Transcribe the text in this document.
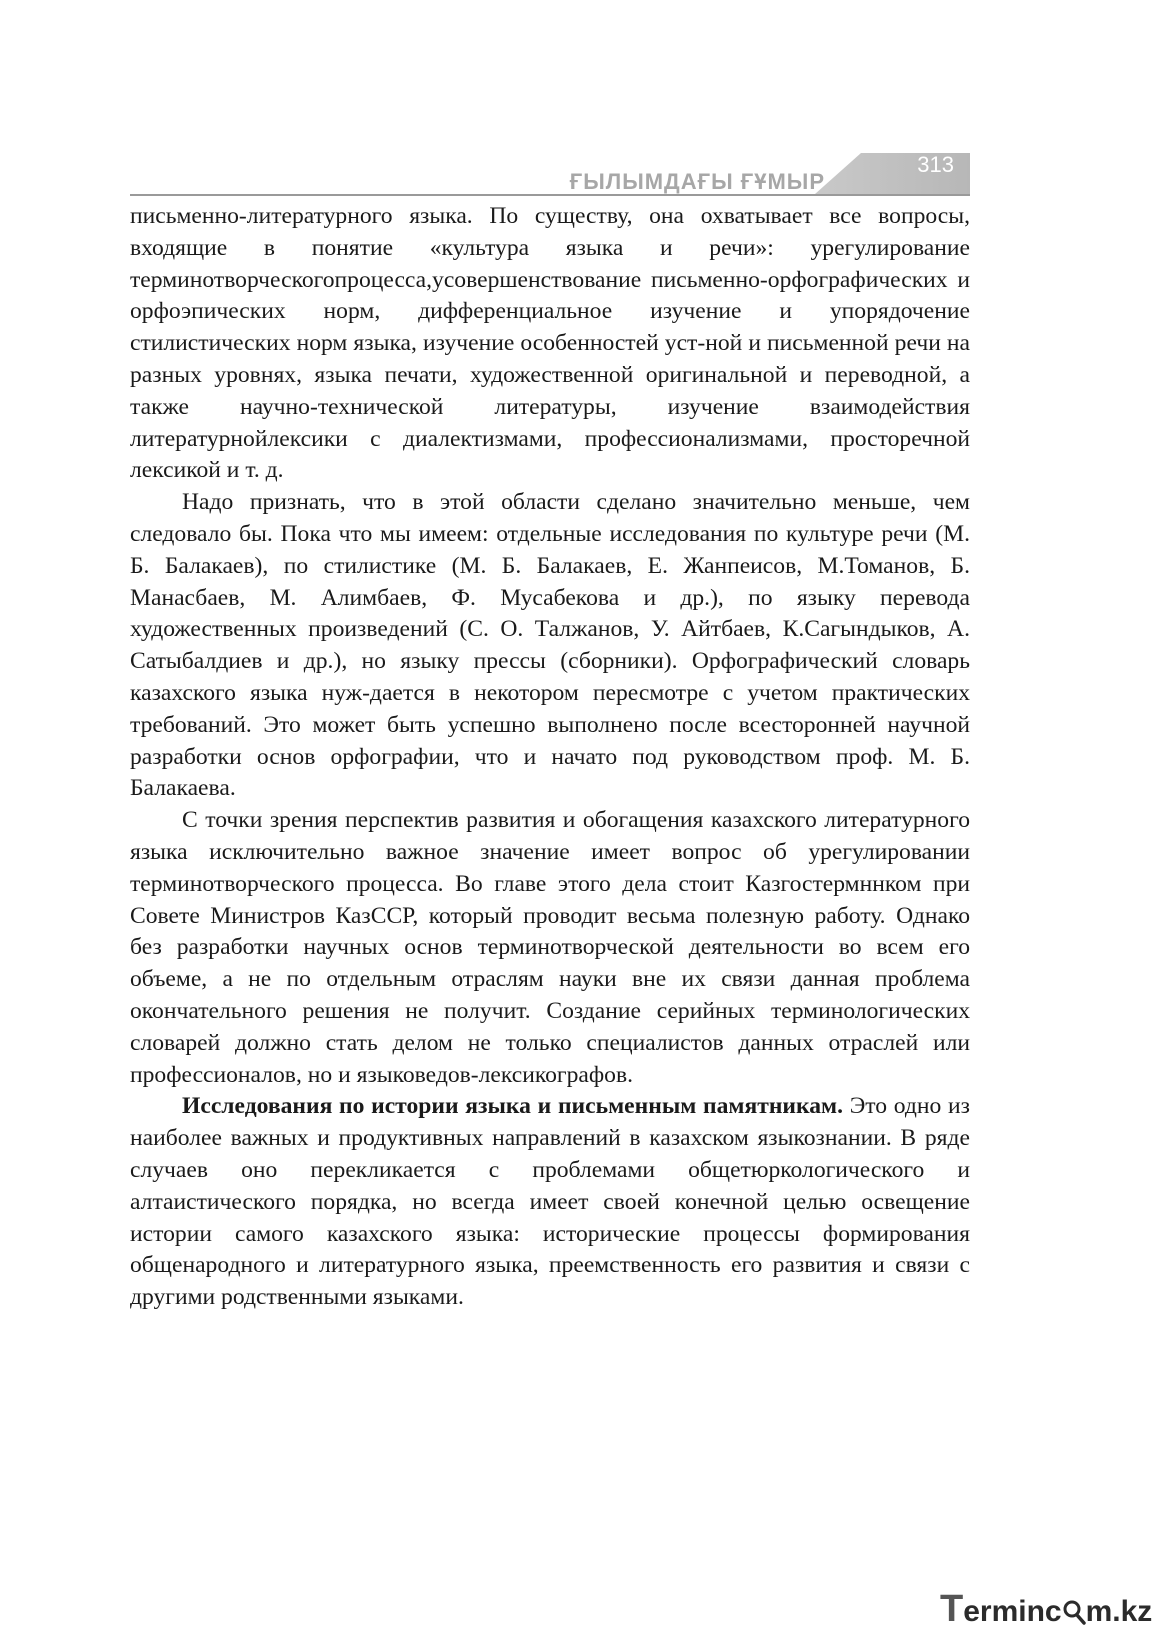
ҒЫЛЫМДАҒЫ ҒҰМЫР
313

письменно-литературного языка. По существу, она охватывает все вопросы, входящие в понятие «культура языка и речи»: урегулирование терминотворческогопроцесса,усовершенствование письменно-орфографических и орфоэпических норм, дифференциальное изучение и упорядочение стилистических норм языка, изучение особенностей уст-ной и письменной речи на разных уровнях, языка печати, художественной оригинальной и переводной, а также научно-технической литературы, изучение взаимодействия литературнойлексики с диалектизмами, профессионализмами, просторечной лексикой и т. д.

Надо признать, что в этой области сделано значительно меньше, чем следовало бы. Пока что мы имеем: отдельные исследования по культуре речи (М. Б. Балакаев), по стилистике (М. Б. Балакаев, Е. Жанпеисов, М.Томанов, Б. Манасбаев, М. Алимбаев, Ф. Мусабекова и др.), по языку перевода художественных произведений (С. О. Талжанов, У. Айтбаев, К.Сагындыков, А. Сатыбалдиев и др.), но языку прессы (сборники). Орфографический словарь казахского языка нуж-дается в некотором пересмотре с учетом практических требований. Это может быть успешно выполнено после всесторонней научной разработки основ орфографии, что и начато под руководством проф. М. Б. Балакаева.

С точки зрения перспектив развития и обогащения казахского литературного языка исключительно важное значение имеет вопрос об урегулировании терминотворческого процесса. Во главе этого дела стоит Казгостермннком при Совете Министров КазССР, который проводит весьма полезную работу. Однако без разработки научных основ терминотворческой деятельности во всем его объеме, а не по отдельным отраслям науки вне их связи данная проблема окончательного решения не получит. Создание серийных терминологических словарей должно стать делом не только специалистов данных отраслей или профессионалов, но и языковедов-лексикографов.

Исследования по истории языка и письменным памятникам. Это одно из наиболее важных и продуктивных направлений в казахском языкознании. В ряде случаев оно перекликается с проблемами общетюркологического и алтаистического порядка, но всегда имеет своей конечной целью освещение истории самого казахского языка: исторические процессы формирования общенародного и литературного языка, преемственность его развития и связи с другими родственными языками.

Terminc m.kz
